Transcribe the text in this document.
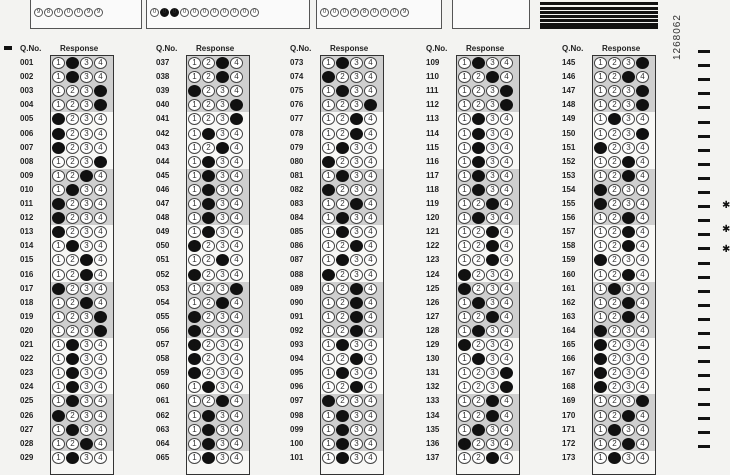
9	8	0	0	0	9	9	0	0	0	0	0	0	0	0	0	0	0	0	0	0	9	8	0	0	0	9
Q.No. Response
001	1	2	3	4
002	1	2	3	4
003	1	2	3	4
004	1	2	3	4
005	1	2	3	4
006	1	2	3	4
007	1	2	3	4
008	1	2	3	4
009	1	2	3	4
010	1	2	3	4
011	1	2	3	4
012	1	2	3	4
013	1	2	3	4
014	1	2	3	4
015	1	2	3	4
016	1	2	3	4
017	1	2	3	4
018	1	2	3	4
019	1	2	3	4
020	1	2	3	4
021	1	2	3	4
022	1	2	3	4
023	1	2	3	4
024	1	2	3	4
025	1	2	3	4
026	1	2	3	4
027	1	2	3	4
028	1	2	3	4
029	1	2	3	4
Q.No. Response
037	1	2	3	4
038	1	2	3	4
039	1	2	3	4
040	1	2	3	4
041	1	2	3	4
042	1	2	3	4
043	1	2	3	4
044	1	2	3	4
045	1	2	3	4
046	1	2	3	4
047	1	2	3	4
048	1	2	3	4
049	1	2	3	4
050	1	2	3	4
051	1	2	3	4
052	1	2	3	4
053	1	2	3	4
054	1	2	3	4
055	1	2	3	4
056	1	2	3	4
057	1	2	3	4
058	1	2	3	4
059	1	2	3	4
060	1	2	3	4
061	1	2	3	4
062	1	2	3	4
063	1	2	3	4
064	1	2	3	4
065	1	2	3	4
Q.No. Response
073	1	2	3	4
074	1	2	3	4
075	1	2	3	4
076	1	2	3	4
077	1	2	3	4
078	1	2	3	4
079	1	2	3	4
080	1	2	3	4
081	1	2	3	4
082	1	2	3	4
083	1	2	3	4
084	1	2	3	4
085	1	2	3	4
086	1	2	3	4
087	1	2	3	4
088	1	2	3	4
089	1	2	3	4
090	1	2	3	4
091	1	2	3	4
092	1	2	3	4
093	1	2	3	4
094	1	2	3	4
095	1	2	3	4
096	1	2	3	4
097	1	2	3	4
098	1	2	3	4
099	1	2	3	4
100	1	2	3	4
101	1	2	3	4
Q.No. Response
109	1	2	3	4
110	1	2	3	4
111	1	2	3	4
112	1	2	3	4
113	1	2	3	4
114	1	2	3	4
115	1	2	3	4
116	1	2	3	4
117	1	2	3	4
118	1	2	3	4
119	1	2	3	4
120	1	2	3	4
121	1	2	3	4
122	1	2	3	4
123	1	2	3	4
124	1	2	3	4
125	1	2	3	4
126	1	2	3	4
127	1	2	3	4
128	1	2	3	4
129	1	2	3	4
130	1	2	3	4
131	1	2	3	4
132	1	2	3	4
133	1	2	3	4
134	1	2	3	4
135	1	2	3	4
136	1	2	3	4
137	1	2	3	4
Q.No. Response
145	1	2	3	4
146	1	2	3	4
147	1	2	3	4
148	1	2	3	4
149	1	2	3	4
150	1	2	3	4
151	1	2	3	4
152	1	2	3	4
153	1	2	3	4
154	1	2	3	4
155	1	2	3	4
156	1	2	3	4
157	1	2	3	4
158	1	2	3	4
159	1	2	3	4
160	1	2	3	4
161	1	2	3	4
162	1	2	3	4
163	1	2	3	4
164	1	2	3	4
165	1	2	3	4
166	1	2	3	4
167	1	2	3	4
168	1	2	3	4
169	1	2	3	4
170	1	2	3	4
171	1	2	3	4
172	1	2	3	4
173	1	2	3	4
1268062
✱
✱
✱
